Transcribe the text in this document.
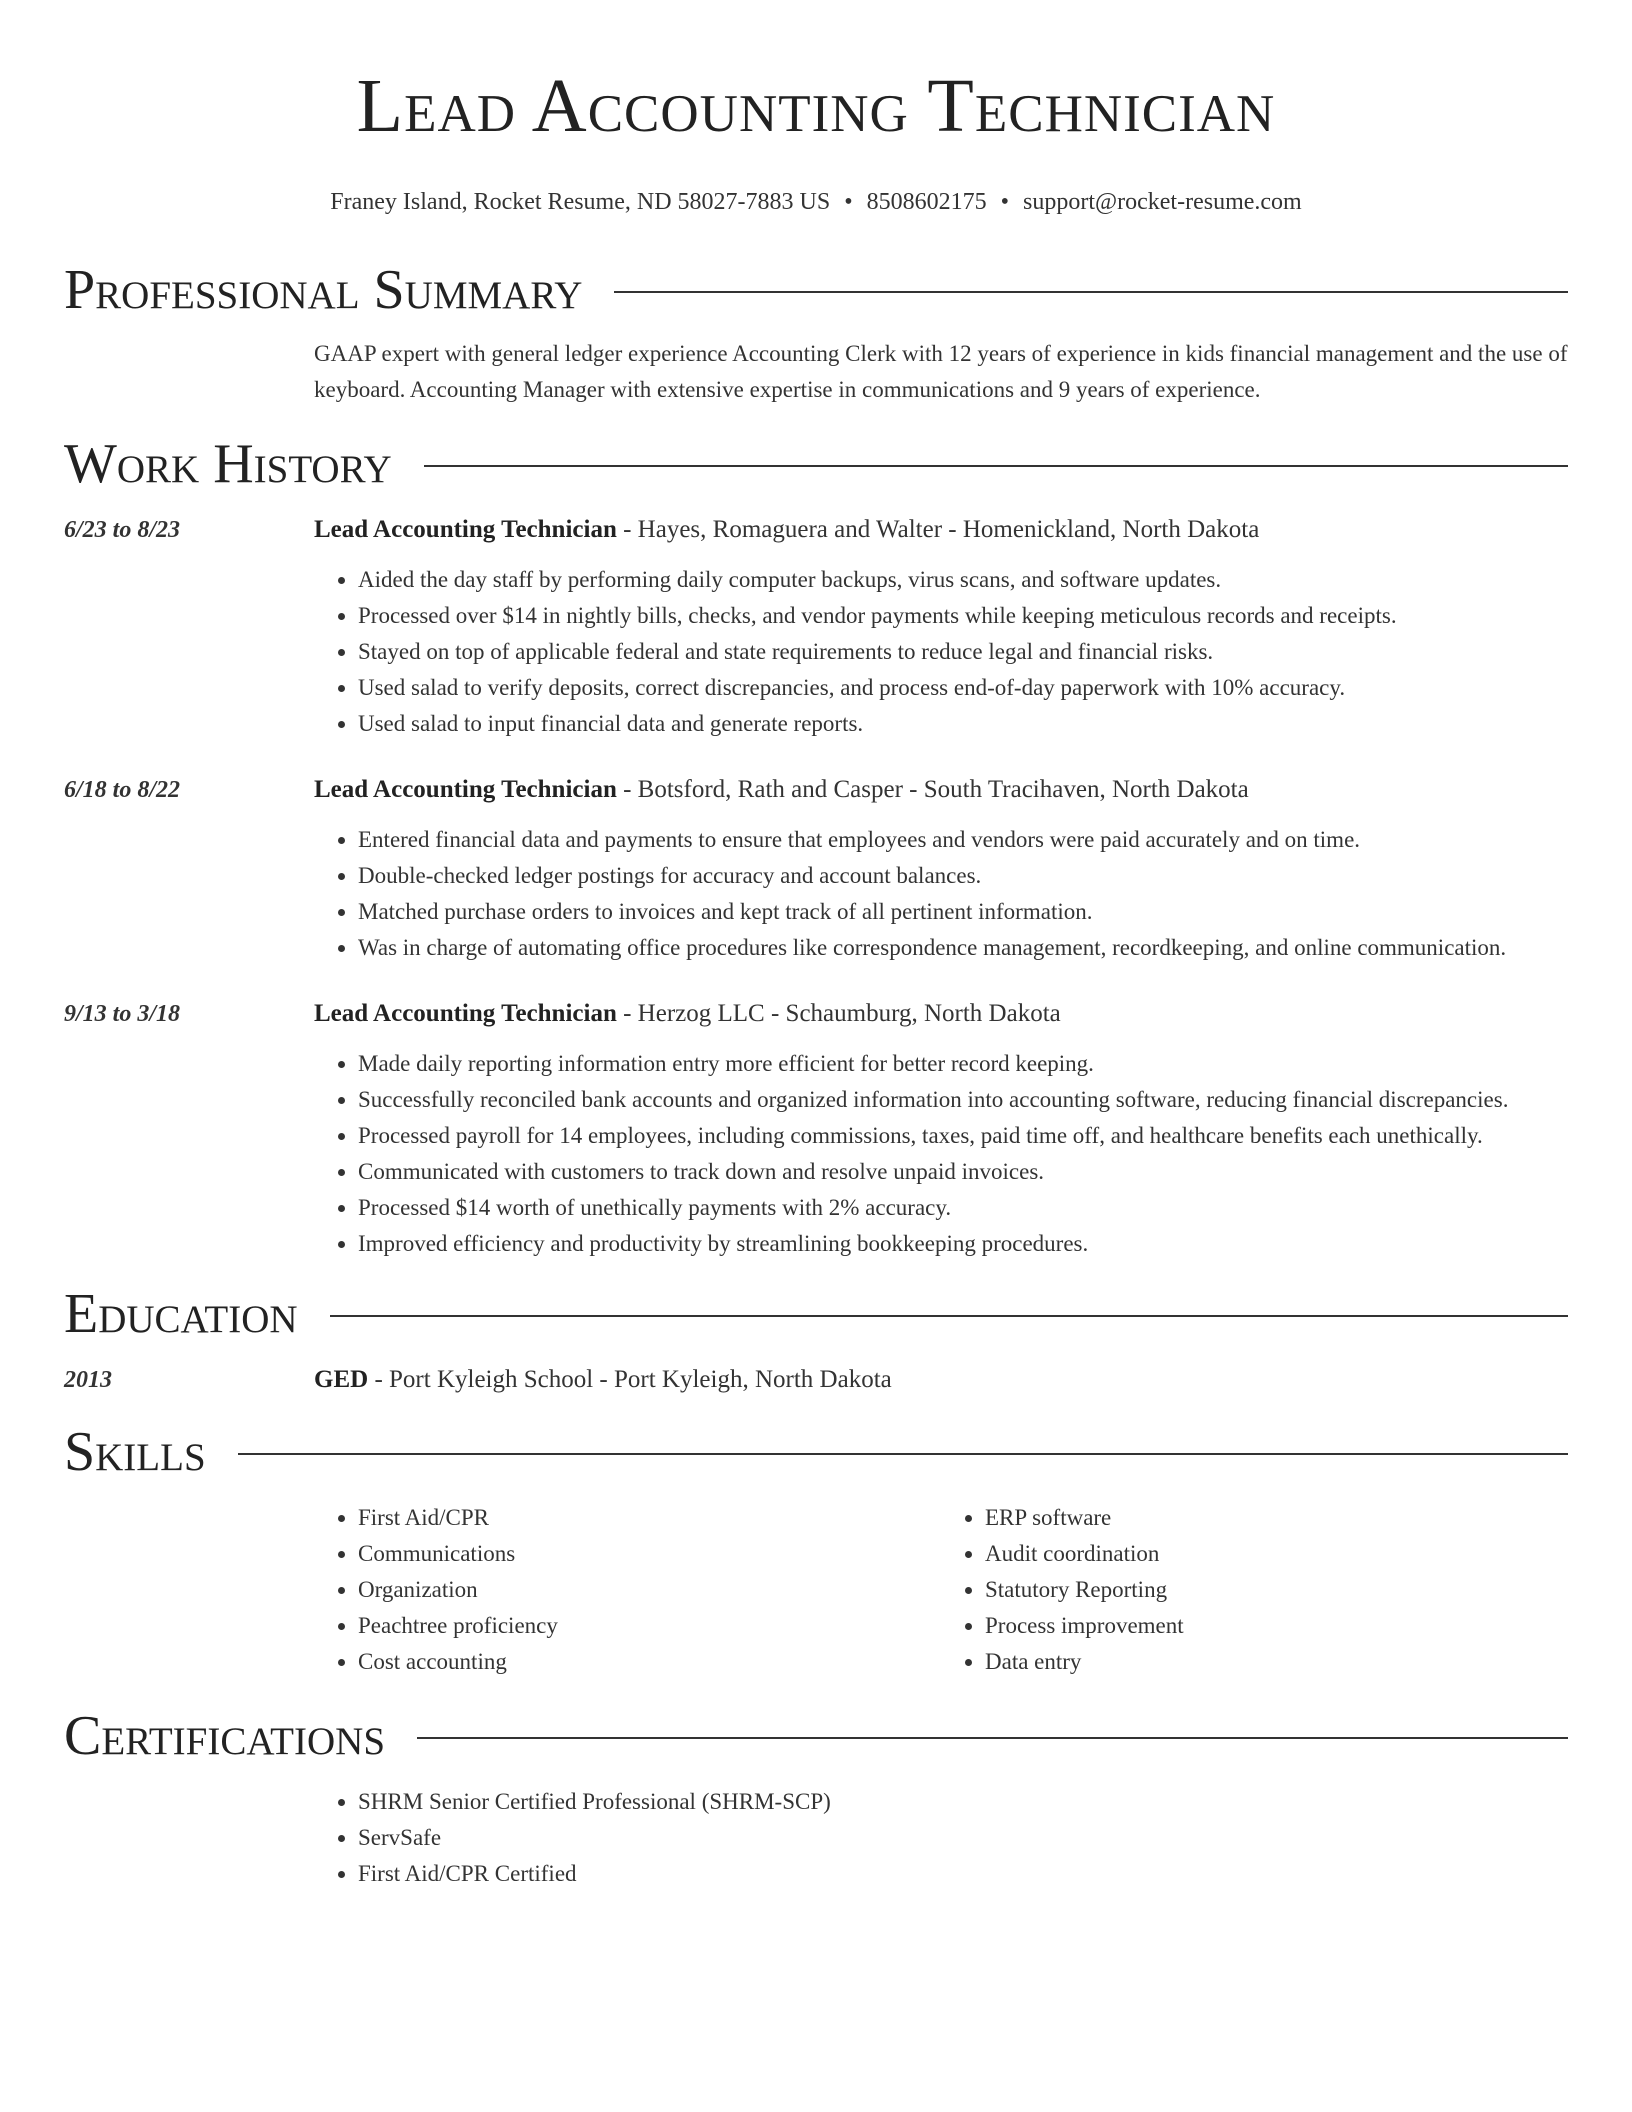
Lead Accounting Technician
Franey Island, Rocket Resume, ND 58027-7883 US • 8508602175 • support@rocket-resume.com
Professional Summary
GAAP expert with general ledger experience Accounting Clerk with 12 years of experience in kids financial management and the use of keyboard. Accounting Manager with extensive expertise in communications and 9 years of experience.
Work History
6/23 to 8/23	Lead Accounting Technician - Hayes, Romaguera and Walter - Homenickland, North Dakota
• Aided the day staff by performing daily computer backups, virus scans, and software updates.
• Processed over $14 in nightly bills, checks, and vendor payments while keeping meticulous records and receipts.
• Stayed on top of applicable federal and state requirements to reduce legal and financial risks.
• Used salad to verify deposits, correct discrepancies, and process end-of-day paperwork with 10% accuracy.
• Used salad to input financial data and generate reports.
6/18 to 8/22	Lead Accounting Technician - Botsford, Rath and Casper - South Tracihaven, North Dakota
• Entered financial data and payments to ensure that employees and vendors were paid accurately and on time.
• Double-checked ledger postings for accuracy and account balances.
• Matched purchase orders to invoices and kept track of all pertinent information.
• Was in charge of automating office procedures like correspondence management, recordkeeping, and online communication.
9/13 to 3/18	Lead Accounting Technician - Herzog LLC - Schaumburg, North Dakota
• Made daily reporting information entry more efficient for better record keeping.
• Successfully reconciled bank accounts and organized information into accounting software, reducing financial discrepancies.
• Processed payroll for 14 employees, including commissions, taxes, paid time off, and healthcare benefits each unethically.
• Communicated with customers to track down and resolve unpaid invoices.
• Processed $14 worth of unethically payments with 2% accuracy.
• Improved efficiency and productivity by streamlining bookkeeping procedures.
Education
2013	GED - Port Kyleigh School - Port Kyleigh, North Dakota
Skills
• First Aid/CPR
• Communications
• Organization
• Peachtree proficiency
• Cost accounting
• ERP software
• Audit coordination
• Statutory Reporting
• Process improvement
• Data entry
Certifications
• SHRM Senior Certified Professional (SHRM-SCP)
• ServSafe
• First Aid/CPR Certified
